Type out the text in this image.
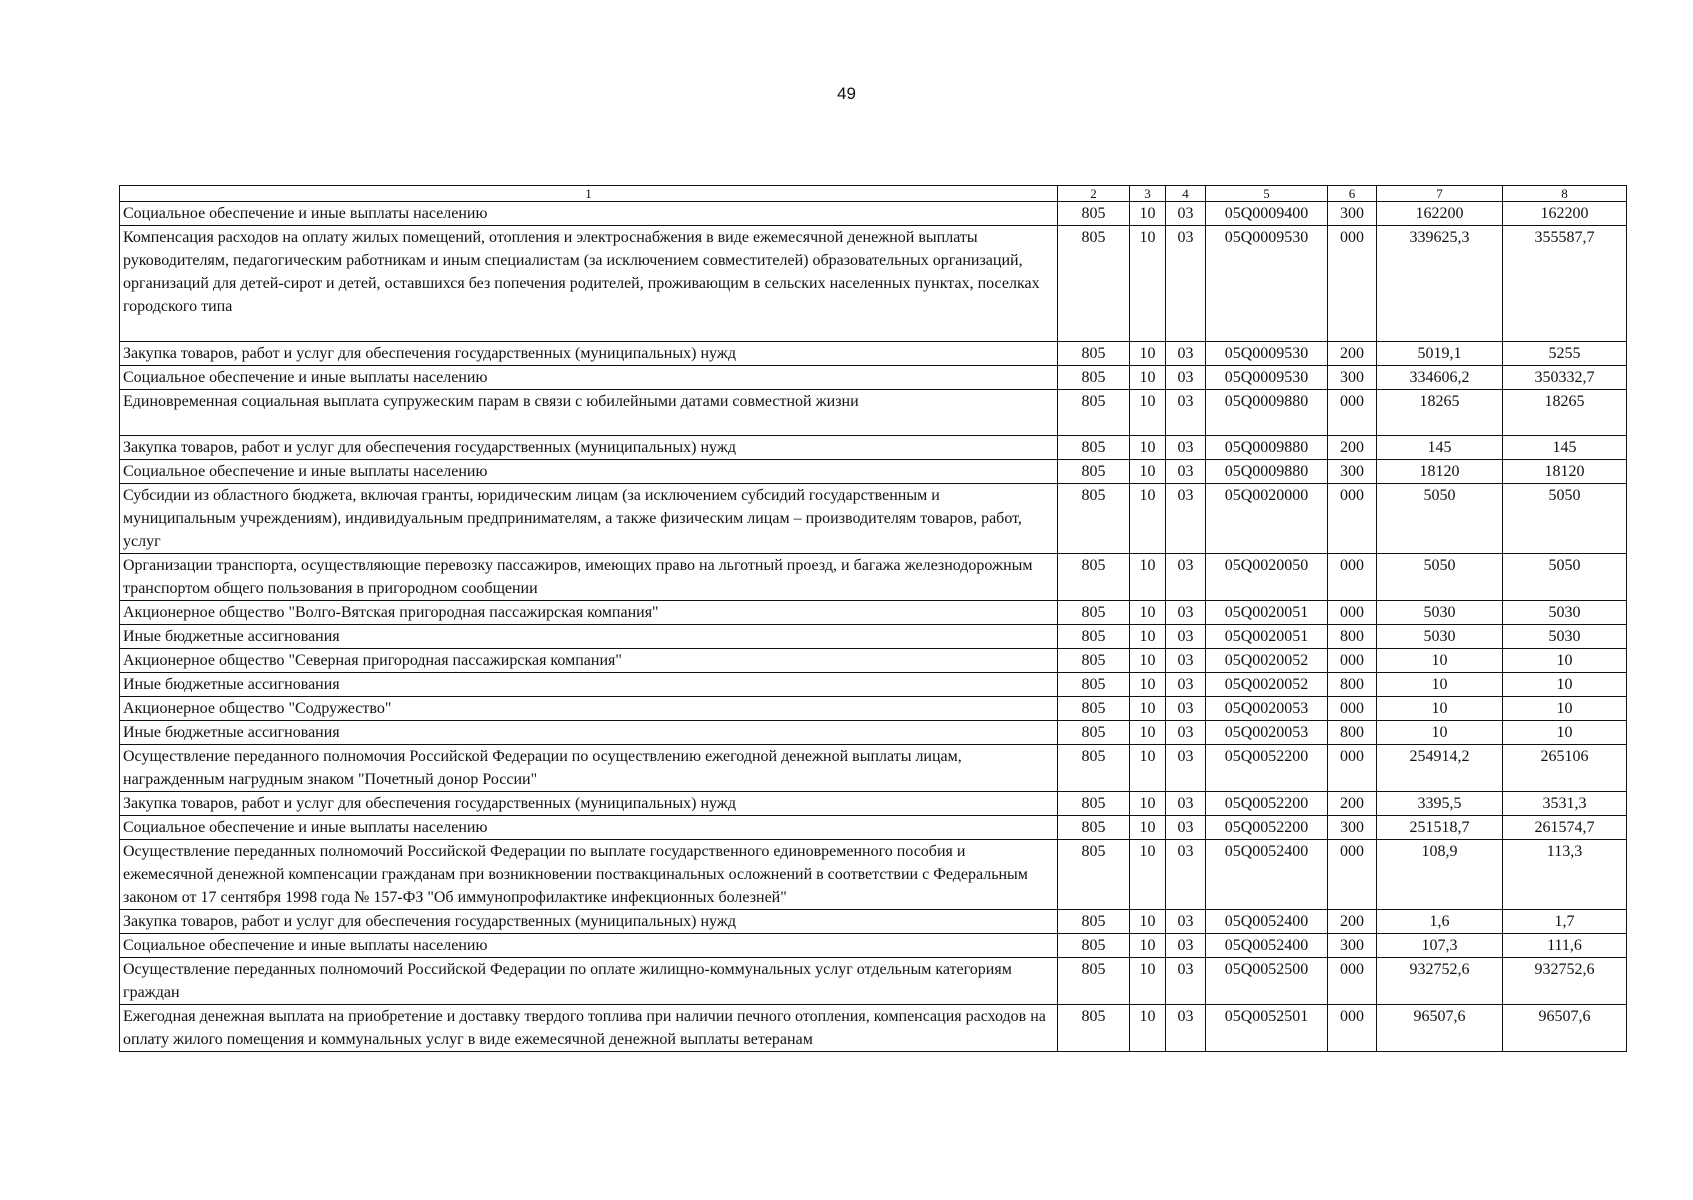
49
1	2	3	4	5	6	7	8
Социальное обеспечение и иные выплаты населению	805	10	03	05Q0009400	300	162200	162200
Компенсация расходов на оплату жилых помещений, отопления и электроснабжения в виде ежемесячной денежной выплаты руководителям, педагогическим работникам и иным специалистам (за исключением совместителей) образовательных организаций, организаций для детей-сирот и детей, оставшихся без попечения родителей, проживающим в сельских населенных пунктах, поселках городского типа	805	10	03	05Q0009530	000	339625,3	355587,7
Закупка товаров, работ и услуг для обеспечения государственных (муниципальных) нужд	805	10	03	05Q0009530	200	5019,1	5255
Социальное обеспечение и иные выплаты населению	805	10	03	05Q0009530	300	334606,2	350332,7
Единовременная социальная выплата супружеским парам в связи с юбилейными датами совместной жизни	805	10	03	05Q0009880	000	18265	18265
Закупка товаров, работ и услуг для обеспечения государственных (муниципальных) нужд	805	10	03	05Q0009880	200	145	145
Социальное обеспечение и иные выплаты населению	805	10	03	05Q0009880	300	18120	18120
Субсидии из областного бюджета, включая гранты, юридическим лицам (за исключением субсидий государственным и муниципальным учреждениям), индивидуальным предпринимателям, а также физическим лицам – производителям товаров, работ, услуг	805	10	03	05Q0020000	000	5050	5050
Организации транспорта, осуществляющие перевозку пассажиров, имеющих право на льготный проезд, и багажа железнодорожным транспортом общего пользования в пригородном сообщении	805	10	03	05Q0020050	000	5050	5050
Акционерное общество "Волго-Вятская пригородная пассажирская компания"	805	10	03	05Q0020051	000	5030	5030
Иные бюджетные ассигнования	805	10	03	05Q0020051	800	5030	5030
Акционерное общество "Северная пригородная пассажирская компания"	805	10	03	05Q0020052	000	10	10
Иные бюджетные ассигнования	805	10	03	05Q0020052	800	10	10
Акционерное общество "Содружество"	805	10	03	05Q0020053	000	10	10
Иные бюджетные ассигнования	805	10	03	05Q0020053	800	10	10
Осуществление переданного полномочия Российской Федерации по осуществлению ежегодной денежной выплаты лицам, награжденным нагрудным знаком "Почетный донор России"	805	10	03	05Q0052200	000	254914,2	265106
Закупка товаров, работ и услуг для обеспечения государственных (муниципальных) нужд	805	10	03	05Q0052200	200	3395,5	3531,3
Социальное обеспечение и иные выплаты населению	805	10	03	05Q0052200	300	251518,7	261574,7
Осуществление переданных полномочий Российской Федерации по выплате государственного единовременного пособия и ежемесячной денежной компенсации гражданам при возникновении поствакцинальных осложнений в соответствии с Федеральным законом от 17 сентября 1998 года № 157-ФЗ "Об иммунопрофилактике инфекционных болезней"	805	10	03	05Q0052400	000	108,9	113,3
Закупка товаров, работ и услуг для обеспечения государственных (муниципальных) нужд	805	10	03	05Q0052400	200	1,6	1,7
Социальное обеспечение и иные выплаты населению	805	10	03	05Q0052400	300	107,3	111,6
Осуществление переданных полномочий Российской Федерации по оплате жилищно-коммунальных услуг отдельным категориям граждан	805	10	03	05Q0052500	000	932752,6	932752,6
Ежегодная денежная выплата на приобретение и доставку твердого топлива при наличии печного отопления, компенсация расходов на оплату жилого помещения и коммунальных услуг в виде ежемесячной денежной выплаты ветеранам	805	10	03	05Q0052501	000	96507,6	96507,6
